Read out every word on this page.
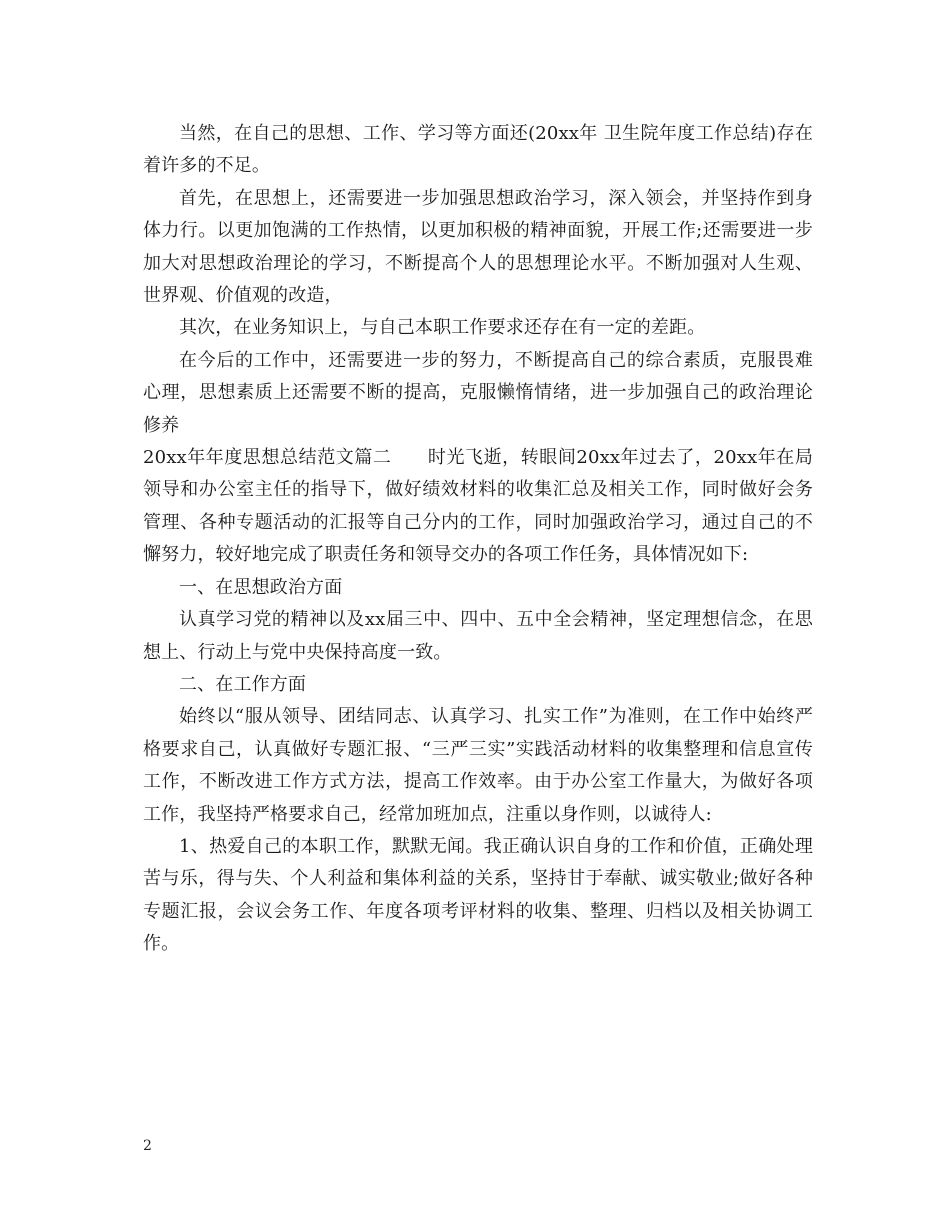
当然，在自己的思想、工作、学习等方面还(20xx年 卫生院年度工作总结)存在着许多的不足。

首先，在思想上，还需要进一步加强思想政治学习，深入领会，并坚持作到身体力行。以更加饱满的工作热情，以更加积极的精神面貌，开展工作;还需要进一步加大对思想政治理论的学习，不断提高个人的思想理论水平。不断加强对人生观、世界观、价值观的改造，

其次，在业务知识上，与自己本职工作要求还存在有一定的差距。

在今后的工作中，还需要进一步的努力，不断提高自己的综合素质，克服畏难心理，思想素质上还需要不断的提高，克服懒惰情绪，进一步加强自己的政治理论修养

20xx年年度思想总结范文篇二 时光飞逝，转眼间20xx年过去了，20xx年在局领导和办公室主任的指导下，做好绩效材料的收集汇总及相关工作，同时做好会务管理、各种专题活动的汇报等自己分内的工作，同时加强政治学习，通过自己的不懈努力，较好地完成了职责任务和领导交办的各项工作任务，具体情况如下:

一、在思想政治方面

认真学习党的精神以及xx届三中、四中、五中全会精神，坚定理想信念，在思想上、行动上与党中央保持高度一致。

二、在工作方面

始终以“服从领导、团结同志、认真学习、扎实工作”为准则，在工作中始终严格要求自己，认真做好专题汇报、“三严三实”实践活动材料的收集整理和信息宣传工作，不断改进工作方式方法，提高工作效率。由于办公室工作量大，为做好各项工作，我坚持严格要求自己，经常加班加点，注重以身作则，以诚待人:

1、热爱自己的本职工作，默默无闻。我正确认识自身的工作和价值，正确处理苦与乐，得与失、个人利益和集体利益的关系，坚持甘于奉献、诚实敬业;做好各种专题汇报，会议会务工作、年度各项考评材料的收集、整理、归档以及相关协调工作。

2
